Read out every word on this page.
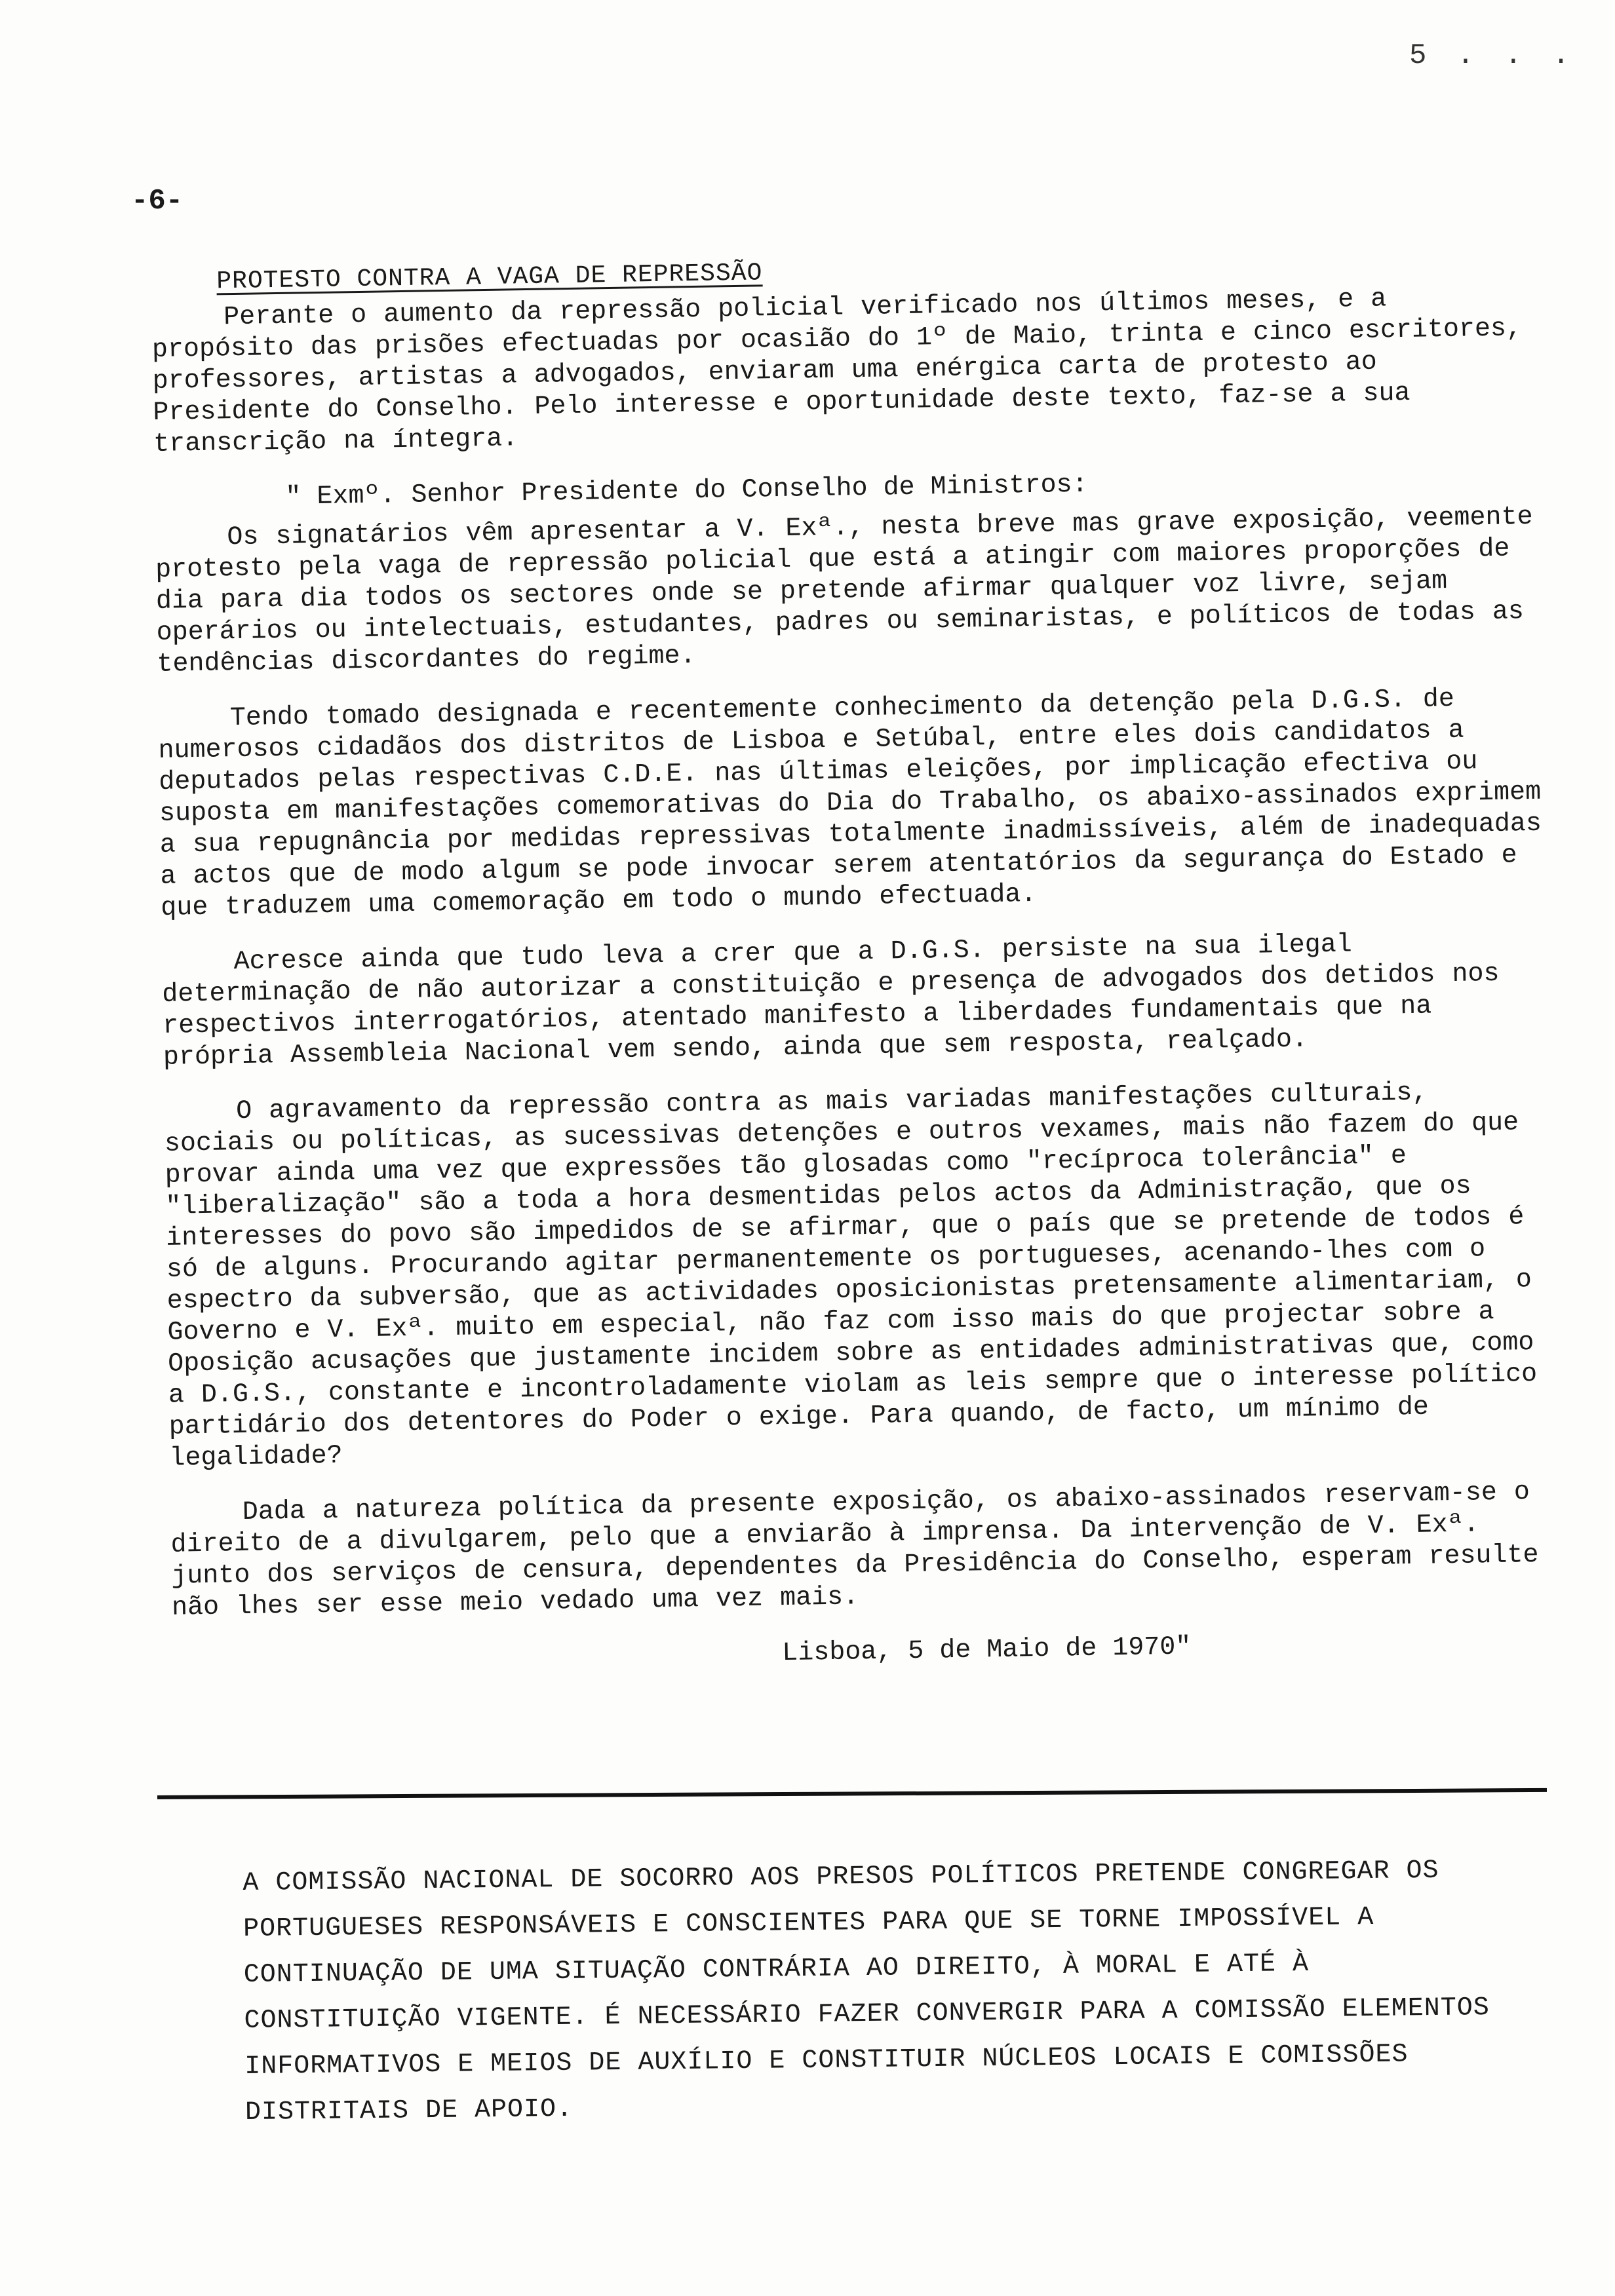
5 . . .
-6-
PROTESTO CONTRA A VAGA DE REPRESSÃO

Perante o aumento da repressão policial verificado nos últimos meses, e a propósito das prisões efectuadas por ocasião do 1º de Maio, trinta e cinco escritores, professores, artistas a advogados, enviaram uma enérgica carta de protesto ao Presidente do Conselho. Pelo interesse e oportunidade deste texto, faz-se a sua transcrição na íntegra.

" Exmº. Senhor Presidente do Conselho de Ministros:

Os signatários vêm apresentar a V. Exª., nesta breve mas grave exposição, veemente protesto pela vaga de repressão policial que está a atingir com maiores proporções de dia para dia todos os sectores onde se pretende afirmar qualquer voz livre, sejam operários ou intelectuais, estudantes, padres ou seminaristas, e políticos de todas as tendências discordantes do regime.

Tendo tomado designada e recentemente conhecimento da detenção pela D.G.S. de numerosos cidadãos dos distritos de Lisboa e Setúbal, entre eles dois candidatos a deputados pelas respectivas C.D.E. nas últimas eleições, por implicação efectiva ou suposta em manifestações comemorativas do Dia do Trabalho, os abaixo-assinados exprimem a sua repugnância por medidas repressivas totalmente inadmissíveis, além de inadequadas a actos que de modo algum se pode invocar serem atentatórios da segurança do Estado e que traduzem uma comemoração em todo o mundo efectuada.

Acresce ainda que tudo leva a crer que a D.G.S. persiste na sua ilegal determinação de não autorizar a constituição e presença de advogados dos detidos nos respectivos interrogatórios, atentado manifesto a liberdades fundamentais que na própria Assembleia Nacional vem sendo, ainda que sem resposta, realçado.

O agravamento da repressão contra as mais variadas manifestações culturais, sociais ou políticas, as sucessivas detenções e outros vexames, mais não fazem do que provar ainda uma vez que expressões tão glosadas como "recíproca tolerância" e "liberalização" são a toda a hora desmentidas pelos actos da Administração, que os interesses do povo são impedidos de se afirmar, que o país que se pretende de todos é só de alguns. Procurando agitar permanentemente os portugueses, acenando-lhes com o espectro da subversão, que as actividades oposicionistas pretensamente alimentariam, o Governo e V. Exª. muito em especial, não faz com isso mais do que projectar sobre a Oposição acusações que justamente incidem sobre as entidades administrativas que, como a D.G.S., constante e incontroladamente violam as leis sempre que o interesse político partidário dos detentores do Poder o exige. Para quando, de facto, um mínimo de legalidade?

Dada a natureza política da presente exposição, os abaixo-assinados reservam-se o direito de a divulgarem, pelo que a enviarão à imprensa. Da intervenção de V. Exª. junto dos serviços de censura, dependentes da Presidência do Conselho, esperam resulte não lhes ser esse meio vedado uma vez mais.

Lisboa, 5 de Maio de 1970"
A COMISSÃO NACIONAL DE SOCORRO AOS PRESOS POLÍTICOS PRETENDE CONGREGAR OS PORTUGUESES RESPONSÁVEIS E CONSCIENTES PARA QUE SE TORNE IMPOSSÍVEL A CONTINUAÇÃO DE UMA SITUAÇÃO CONTRÁRIA AO DIREITO, À MORAL E ATÉ À CONSTITUIÇÃO VIGENTE. É NECESSÁRIO FAZER CONVERGIR PARA A COMISSÃO ELEMENTOS INFORMATIVOS E MEIOS DE AUXÍLIO E CONSTITUIR NÚCLEOS LOCAIS E COMISSÕES DISTRITAIS DE APOIO.
